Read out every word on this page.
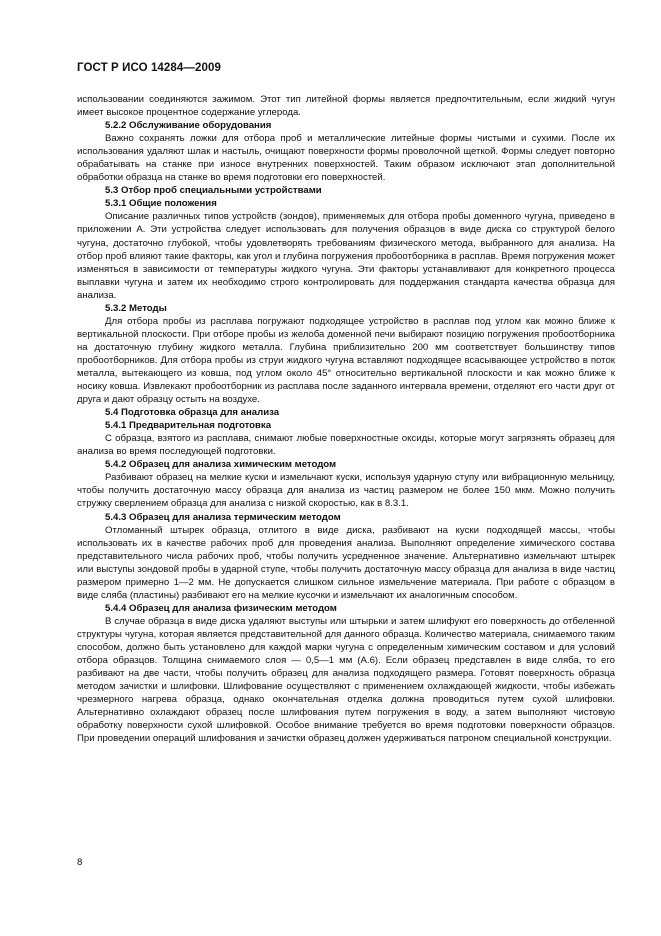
ГОСТ Р ИСО 14284—2009

использовании соединяются зажимом. Этот тип литейной формы является предпочтительным, если жидкий чугун имеет высокое процентное содержание углерода.

5.2.2 Обслуживание оборудования

Важно сохранять ложки для отбора проб и металлические литейные формы чистыми и сухими. После их использования удаляют шлак и настыль, очищают поверхности формы проволочной щеткой. Формы следует повторно обрабатывать на станке при износе внутренних поверхностей. Таким образом исключают этап дополнительной обработки образца на станке во время подготовки его поверхностей.

5.3 Отбор проб специальными устройствами

5.3.1 Общие положения

Описание различных типов устройств (зондов), применяемых для отбора пробы доменного чугуна, приведено в приложении А. Эти устройства следует использовать для получения образцов в виде диска со структурой белого чугуна, достаточно глубокой, чтобы удовлетворять требованиям физического метода, выбранного для анализа. На отбор проб влияют такие факторы, как угол и глубина погружения пробоотборника в расплав. Время погружения может изменяться в зависимости от температуры жидкого чугуна. Эти факторы устанавливают для конкретного процесса выплавки чугуна и затем их необходимо строго контролировать для поддержания стандарта качества образца для анализа.

5.3.2 Методы

Для отбора пробы из расплава погружают подходящее устройство в расплав под углом как можно ближе к вертикальной плоскости. При отборе пробы из желоба доменной печи выбирают позицию погружения пробоотборника на достаточную глубину жидкого металла. Глубина приблизительно 200 мм соответствует большинству типов пробоотборников. Для отбора пробы из струи жидкого чугуна вставляют подходящее всасывающее устройство в поток металла, вытекающего из ковша, под углом около 45° относительно вертикальной плоскости и как можно ближе к носику ковша. Извлекают пробоотборник из расплава после заданного интервала времени, отделяют его части друг от друга и дают образцу остыть на воздухе.

5.4 Подготовка образца для анализа

5.4.1 Предварительная подготовка

С образца, взятого из расплава, снимают любые поверхностные оксиды, которые могут загрязнять образец для анализа во время последующей подготовки.

5.4.2 Образец для анализа химическим методом

Разбивают образец на мелкие куски и измельчают куски, используя ударную ступу или вибрационную мельницу, чтобы получить достаточную массу образца для анализа из частиц размером не более 150 мкм. Можно получить стружку сверлением образца для анализа с низкой скоростью, как в 8.3.1.

5.4.3 Образец для анализа термическим методом

Отломанный штырек образца, отлитого в виде диска, разбивают на куски подходящей массы, чтобы использовать их в качестве рабочих проб для проведения анализа. Выполняют определение химического состава представительного числа рабочих проб, чтобы получить усредненное значение. Альтернативно измельчают штырек или выступы зондовой пробы в ударной ступе, чтобы получить достаточную массу образца для анализа в виде частиц размером примерно 1—2 мм. Не допускается слишком сильное измельчение материала. При работе с образцом в виде сляба (пластины) разбивают его на мелкие кусочки и измельчают их аналогичным способом.

5.4.4 Образец для анализа физическим методом

В случае образца в виде диска удаляют выступы или штырьки и затем шлифуют его поверхность до отбеленной структуры чугуна, которая является представительной для данного образца. Количество материала, снимаемого таким способом, должно быть установлено для каждой марки чугуна с определенным химическим составом и для условий отбора образцов. Толщина снимаемого слоя — 0,5—1 мм (А.6). Если образец представлен в виде сляба, то его разбивают на две части, чтобы получить образец для анализа подходящего размера. Готовят поверхность образца методом зачистки и шлифовки. Шлифование осуществляют с применением охлаждающей жидкости, чтобы избежать чрезмерного нагрева образца, однако окончательная отделка должна проводиться путем сухой шлифовки. Альтернативно охлаждают образец после шлифования путем погружения в воду, а затем выполняют чистовую обработку поверхности сухой шлифовкой. Особое внимание требуется во время подготовки поверхности образцов. При проведении операций шлифования и зачистки образец должен удерживаться патроном специальной конструкции.

8
